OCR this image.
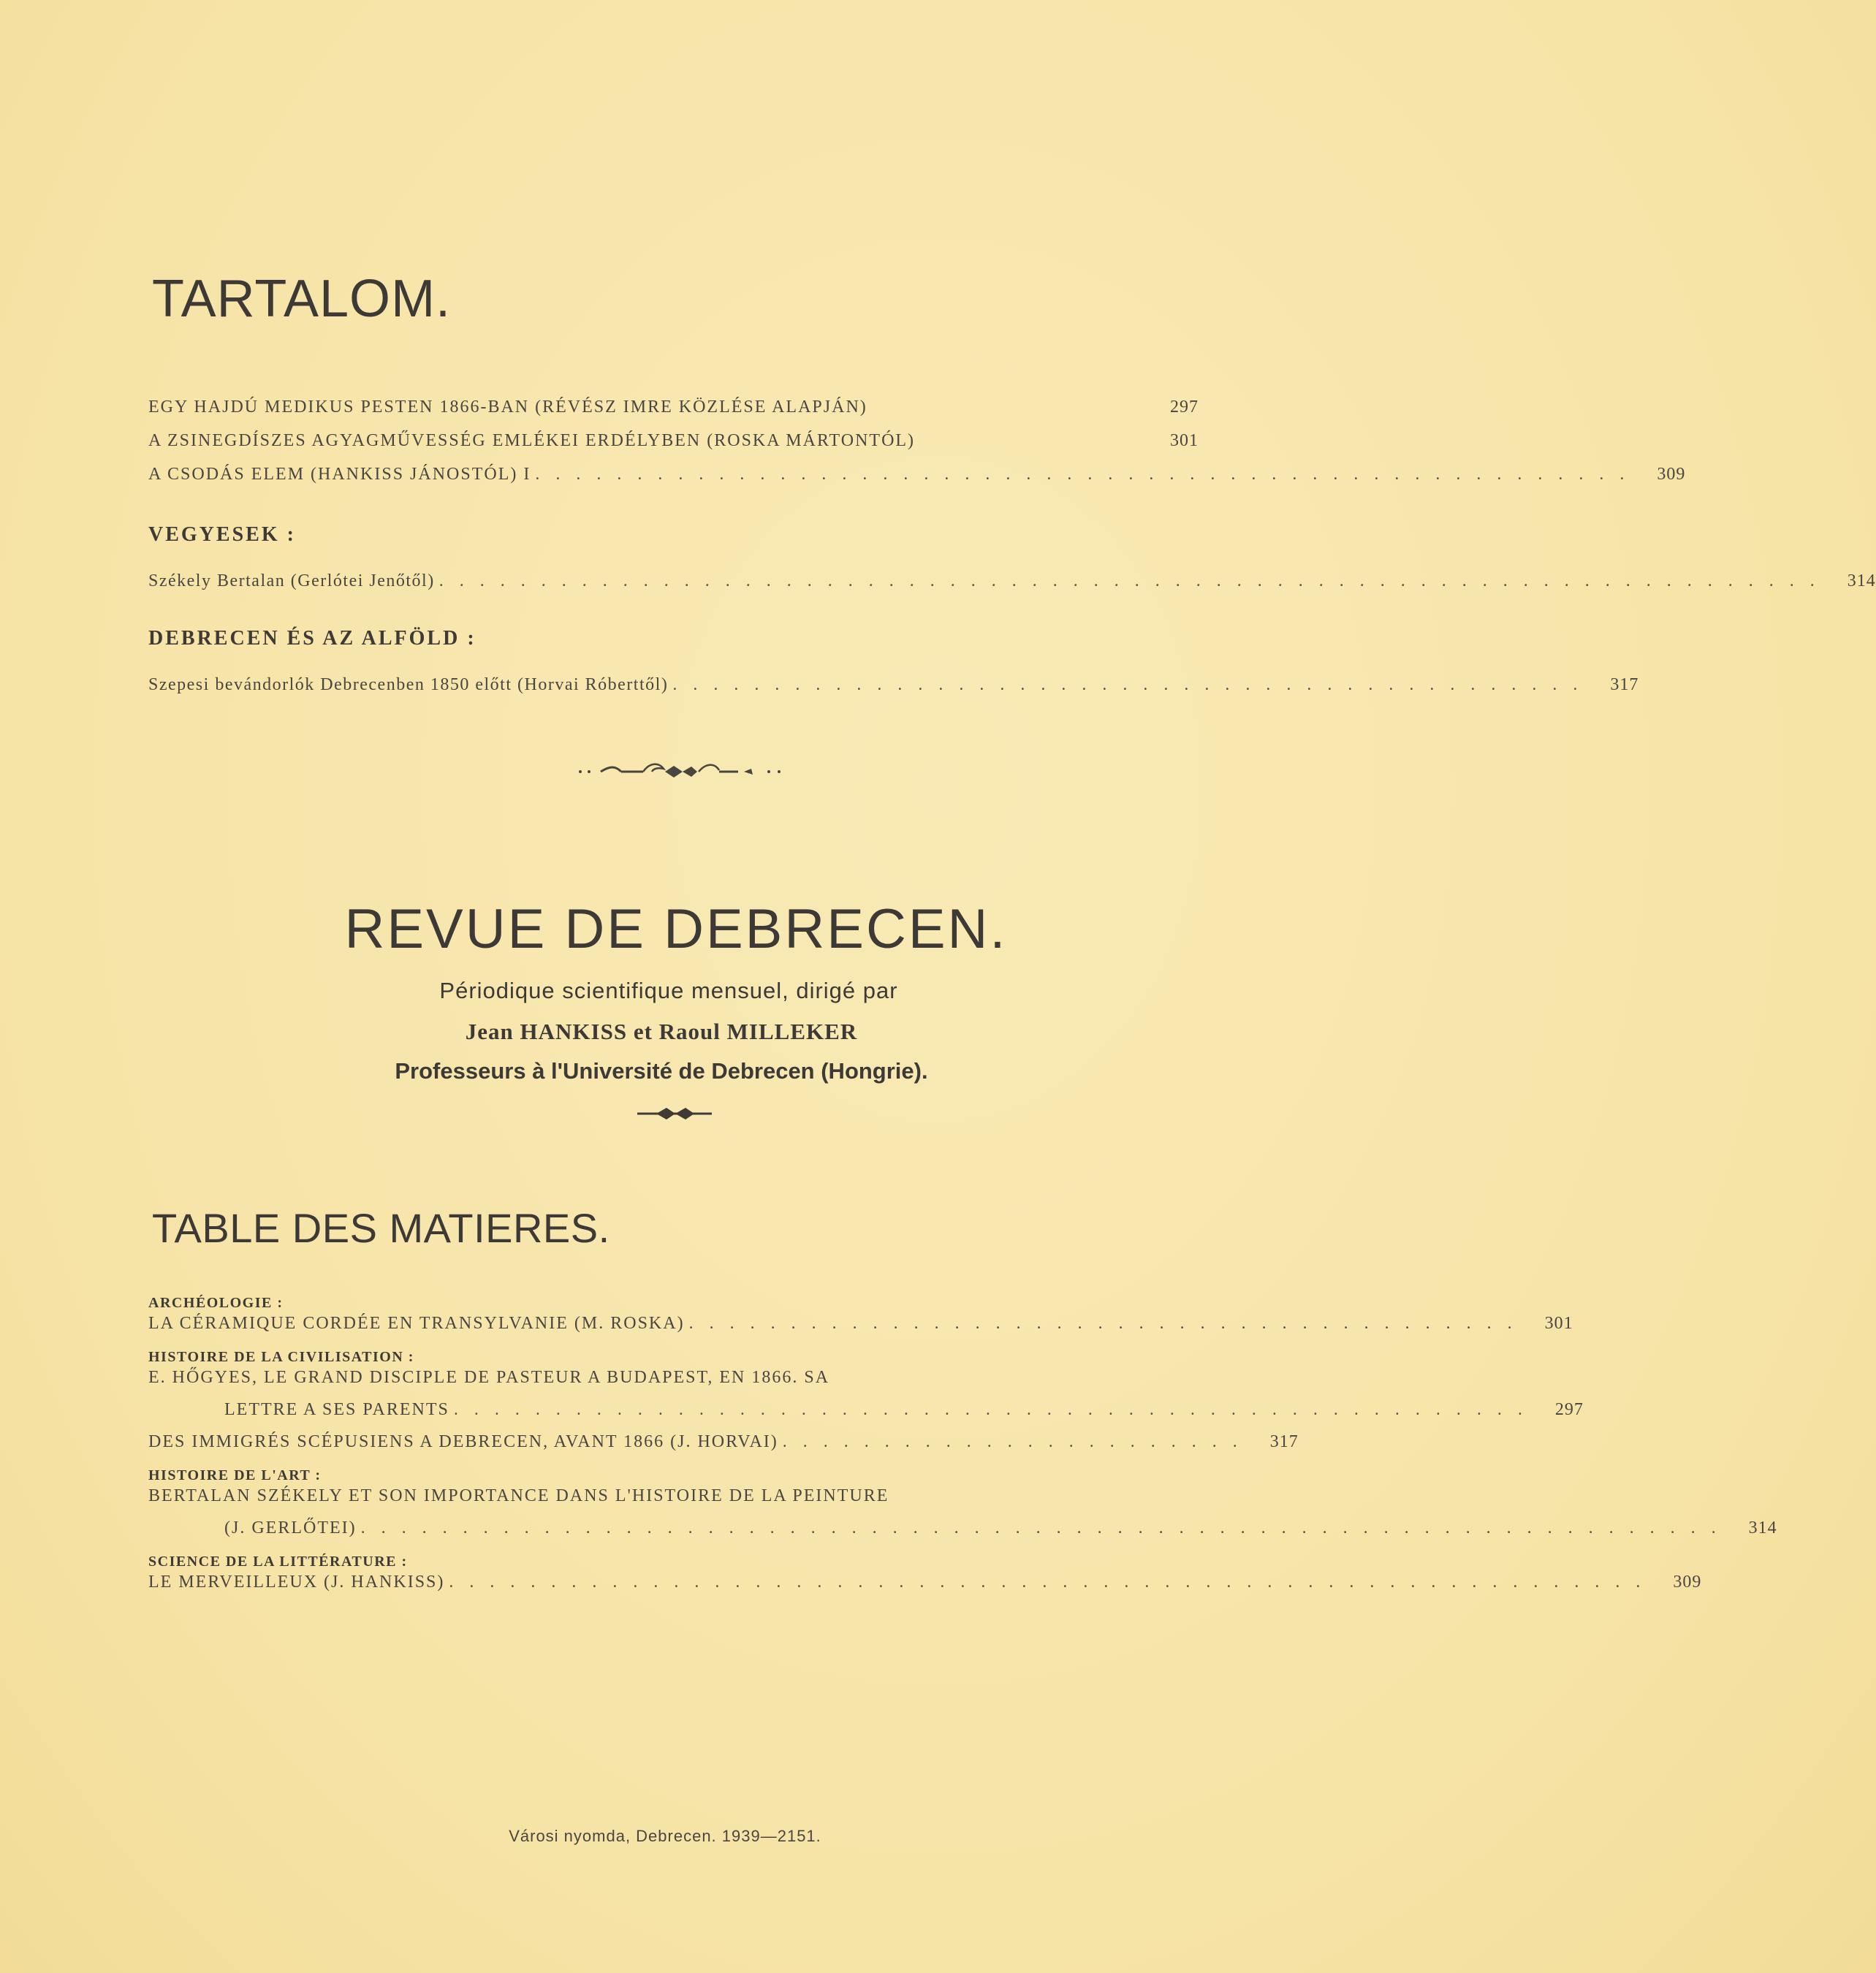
TARTALOM.
EGY HAJDÚ MEDIKUS PESTEN 1866-BAN (RÉVÉSZ IMRE KÖZLÉSE ALAPJÁN)	297
A ZSINEGDÍSZES AGYAGMŰVESSÉG EMLÉKEI ERDÉLYBEN (ROSKA MÁRTONTÓL)	301
A CSODÁS ELEM (HANKISS JÁNOSTÓL) I . . . . . . . . . . . . . . . . . . . . . . . . . . . . . . . . . . . . . . . . . . . . . . . . . . . . . .	309
VEGYESEK :
Székely Bertalan (Gerlótei Jenőtől) . . . . . . . . . . . . . . . . . . . . . . . . . . . . . . . . . . . . . . . . . . . . . . . . . . . . . . . . . . . . . . . . . . . .	314
DEBRECEN ÉS AZ ALFÖLD :
Szepesi bevándorlók Debrecenben 1850 előtt (Horvai Róberttől) . . . . . . . . . . . . . . . . . . . . . . . . . . . . . . . . . . . . . . . . . . . . .	317
REVUE DE DEBRECEN.

Périodique scientifique mensuel, dirigé par

Jean HANKISS et Raoul MILLEKER

Professeurs à l'Université de Debrecen (Hongrie).

TABLE DES MATIERES.
ARCHÉOLOGIE :
LA CÉRAMIQUE CORDÉE EN TRANSYLVANIE (M. ROSKA) . . . . . . . . . . . . . . . . . . . . . . . . . . . . . . . . . . . . . . . . .	301
HISTOIRE DE LA CIVILISATION :
E. HŐGYES, LE GRAND DISCIPLE DE PASTEUR A BUDAPEST, EN 1866. SA
LETTRE A SES PARENTS . . . . . . . . . . . . . . . . . . . . . . . . . . . . . . . . . . . . . . . . . . . . . . . . . . . . .	297
DES IMMIGRÉS SCÉPUSIENS A DEBRECEN, AVANT 1866 (J. HORVAI) . . . . . . . . . . . . . . . . . . . . . . .	317
HISTOIRE DE L'ART :
BERTALAN SZÉKELY ET SON IMPORTANCE DANS L'HISTOIRE DE LA PEINTURE
(J. GERLŐTEI) . . . . . . . . . . . . . . . . . . . . . . . . . . . . . . . . . . . . . . . . . . . . . . . . . . . . . . . . . . . . . . . . . . .	314
SCIENCE DE LA LITTÉRATURE :
LE MERVEILLEUX (J. HANKISS) . . . . . . . . . . . . . . . . . . . . . . . . . . . . . . . . . . . . . . . . . . . . . . . . . . . . . . . . . . .	309

Városi nyomda, Debrecen. 1939—2151.
